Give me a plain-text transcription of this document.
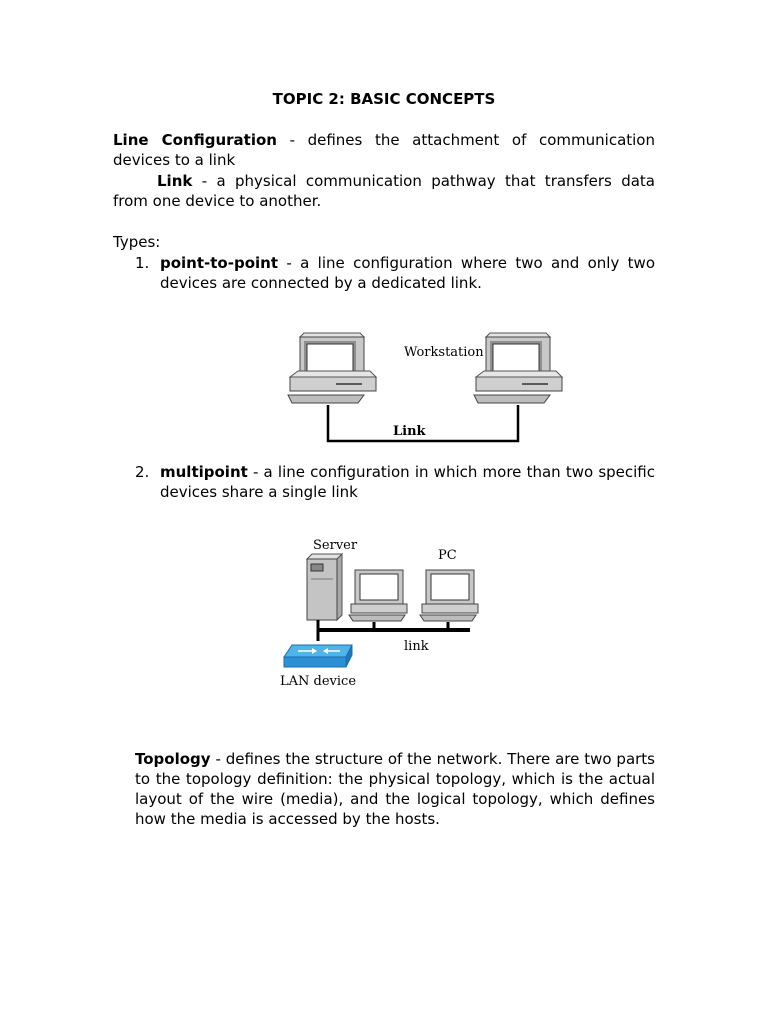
TOPIC 2: BASIC CONCEPTS
Line Configuration - defines the attachment of communication devices to a link
Link - a physical communication pathway that transfers data from one device to another.
Types:
1. point-to-point - a line configuration where two and only two devices are connected by a dedicated link.
Workstation
Link
2. multipoint - a line configuration in which more than two specific devices share a single link
Server
PC
link
LAN device
Topology - defines the structure of the network. There are two parts to the topology definition: the physical topology, which is the actual layout of the wire (media), and the logical topology, which defines how the media is accessed by the hosts.
